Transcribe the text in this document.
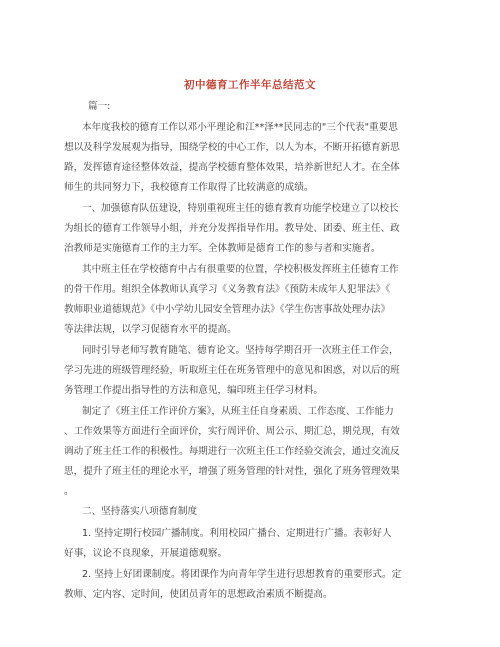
初中德育工作半年总结范文
篇一:
本年度我校的德育工作以邓小平理论和江**泽**民同志的"三个代表"重要思
想以及科学发展观为指导，围绕学校的中心工作，以人为本，不断开拓德育新思
路，发挥德育途径整体效益，提高学校德育整体效果，培养新世纪人才。在全体
师生的共同努力下，我校德育工作取得了比较满意的成绩。
一、加强德育队伍建设，特别重视班主任的德育教育功能学校建立了以校长
为组长的德育工作领导小组，并充分发挥指导作用。教导处、团委、班主任、政
治教师是实施德育工作的主力军。全体教师是德育工作的参与者和实施者。
其中班主任在学校德育中占有很重要的位置，学校积极发挥班主任德育工作
的骨干作用。组织全体教师认真学习《义务教育法》《预防未成年人犯罪法》《
教师职业道德规范》《中小学幼儿园安全管理办法》《学生伤害事故处理办法》
等法律法规，以学习促德育水平的提高。
同时引导老师写教育随笔、德育论文。坚持每学期召开一次班主任工作会，
学习先进的班级管理经验，听取班主任在班务管理中的意见和困惑，对以后的班
务管理工作提出指导性的方法和意见，编印班主任学习材料。
制定了《班主任工作评价方案》，从班主任自身素质、工作态度、工作能力
、工作效果等方面进行全面评价，实行周评价、周公示、期汇总，期兑现，有效
调动了班主任工作的积极性。每期进行一次班主任工作经验交流会，通过交流反
思，提升了班主任的理论水平，增强了班务管理的针对性，强化了班务管理效果
。
二、坚持落实八项德育制度
1. 坚持定期行校园广播制度。利用校园广播台、定期进行广播。表彰好人
好事，议论不良现象，开展道德观察。
2. 坚持上好团课制度。将团课作为向青年学生进行思想教育的重要形式。定
教师、定内容、定时间，使团员青年的思想政治素质不断提高。
